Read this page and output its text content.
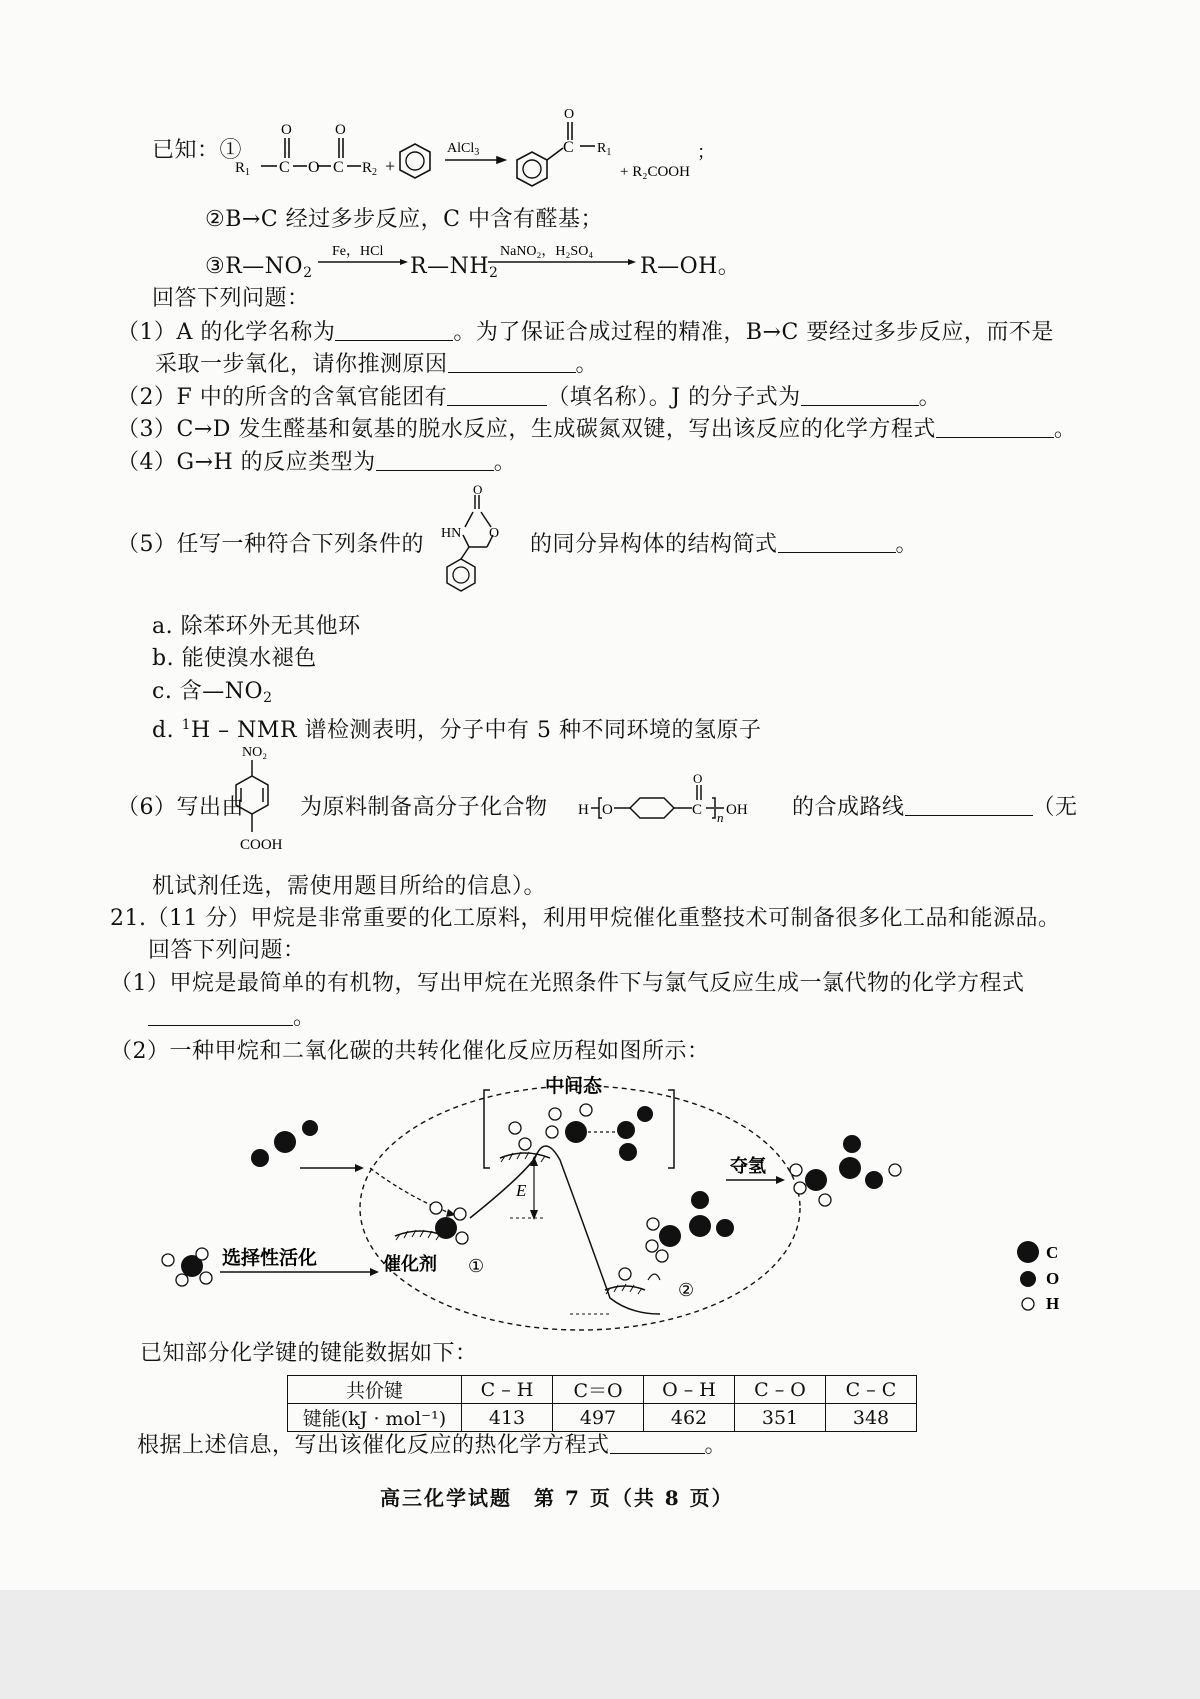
已知：①
$R_1$ C
O
O C
O
$R_2$ +
AlCl$_3$
O
C $R_1$
+ R₂COOH
；
②B→C 经过多步反应，C 中含有醛基；
$③R—NO_2$
Fe，HCl	NaNO₂，H₂SO₄
$R—NH_2$	R—OH。
回答下列问题：
（1）A 的化学名称为	。为了保证合成过程的精准，B→C 要经过多步反应，而不是
采取一步氧化，请你推测原因	。
（2）F 中的所含的含氧官能团有	（填名称）。J 的分子式为	。
（3）C→D 发生醛基和氨基的脱水反应，生成碳氮双键，写出该反应的化学方程式	。
（4）G→H 的反应类型为	。
（5）任写一种符合下列条件的
O
HN O 的同分异构体的结构简式	。
a. 除苯环外无其他环
b. 能使溴水褪色
c. 含$—NO_2$
d. $^1$H – NMR 谱检测表明，分子中有 5 种不同环境的氢原子
（6）写出由
NO₂
COOH
为原料制备高分子化合物 H O
O
C n OH 的合成路线	（无
机试剂任选，需使用题目所给的信息）。
21.（11 分）甲烷是非常重要的化工原料，利用甲烷催化重整技术可制备很多化工品和能源品。
回答下列问题：
（1）甲烷是最简单的有机物，写出甲烷在光照条件下与氯气反应生成一氯代物的化学方程式
。
（2）一种甲烷和二氧化碳的共转化催化反应历程如图所示：
中间态
选择性活化	催化剂 ①
E
②
夺氢
C
O
H
已知部分化学键的键能数据如下：
共价键	C – H	C＝O	O – H	C – O	C – C
键能(kJ · mol⁻¹)	413	497	462	351	348
根据上述信息，写出该催化反应的热化学方程式	。
高三化学试题　第 7 页（共 8 页）
